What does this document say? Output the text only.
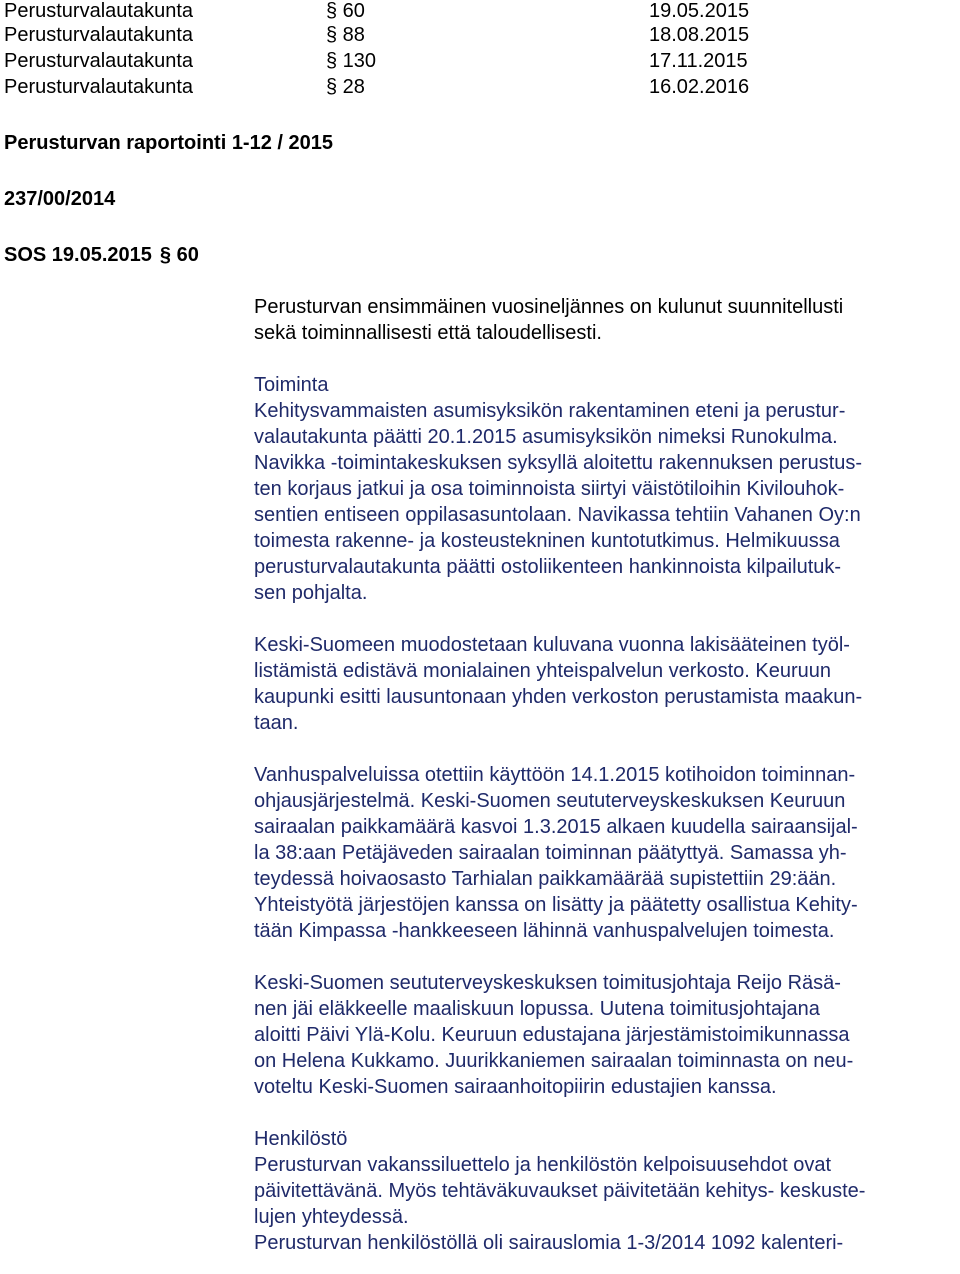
Perusturvalautakunta	§ 60	19.05.2015
Perusturvalautakunta	§ 88	18.08.2015
Perusturvalautakunta	§ 130	17.11.2015
Perusturvalautakunta	§ 28	16.02.2016
Perusturvan raportointi 1-12 / 2015
237/00/2014
SOS 19.05.2015 § 60
Perusturvan ensimmäinen vuosineljännes on kulunut suunnitellusti
sekä toiminnallisesti että taloudellisesti.
Toiminta
Kehitysvammaisten asumisyksikön rakentaminen eteni ja perustur-
valautakunta päätti 20.1.2015 asumisyksikön nimeksi Runokulma.
Navikka -toimintakeskuksen syksyllä aloitettu rakennuksen perustus-
ten korjaus jatkui ja osa toiminnoista siirtyi väistötiloihin Kivilouhok-
sentien entiseen oppilasasuntolaan. Navikassa tehtiin Vahanen Oy:n
toimesta rakenne- ja kosteustekninen kuntotutkimus. Helmikuussa
perusturvalautakunta päätti ostoliikenteen hankinnoista kilpailutuk-
sen pohjalta.
Keski-Suomeen muodostetaan kuluvana vuonna lakisääteinen työl-
listämistä edistävä monialainen yhteispalvelun verkosto. Keuruun
kaupunki esitti lausuntonaan yhden verkoston perustamista maakun-
taan.
Vanhuspalveluissa otettiin käyttöön 14.1.2015 kotihoidon toiminnan-
ohjausjärjestelmä. Keski-Suomen seututerveyskeskuksen Keuruun
sairaalan paikkamäärä kasvoi 1.3.2015 alkaen kuudella sairaansijal-
la 38:aan Petäjäveden sairaalan toiminnan päätyttyä. Samassa yh-
teydessä hoivaosasto Tarhialan paikkamäärää supistettiin 29:ään.
Yhteistyötä järjestöjen kanssa on lisätty ja päätetty osallistua Kehity-
tään Kimpassa -hankkeeseen lähinnä vanhuspalvelujen toimesta.
Keski-Suomen seututerveyskeskuksen toimitusjohtaja Reijo Räsä-
nen jäi eläkkeelle maaliskuun lopussa. Uutena toimitusjohtajana
aloitti Päivi Ylä-Kolu. Keuruun edustajana järjestämistoimikunnassa
on Helena Kukkamo. Juurikkaniemen sairaalan toiminnasta on neu-
voteltu Keski-Suomen sairaanhoitopiirin edustajien kanssa.
Henkilöstö
Perusturvan vakanssiluettelo ja henkilöstön kelpoisuusehdot ovat
päivitettävänä. Myös tehtäväkuvaukset päivitetään kehitys- keskuste-
lujen yhteydessä.
Perusturvan henkilöstöllä oli sairauslomia 1-3/2014 1092 kalenteri-
